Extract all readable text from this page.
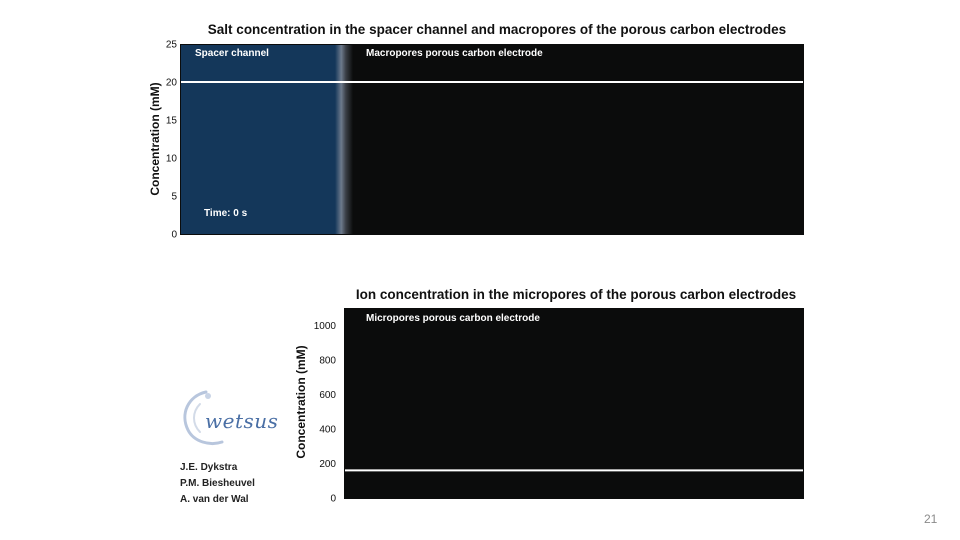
Salt concentration in the spacer channel and macropores of the porous carbon electrodes
Spacer channel	Macropores porous carbon electrode
Time: 0 s
0
5
10
15
20
25
Concentration (mM)
Ion concentration in the micropores of the porous carbon electrodes
Micropores porous carbon electrode
0
200
400
600
800
1000
Concentration (mM)
wetsus
J.E. Dykstra
P.M. Biesheuvel
A. van der Wal
21
